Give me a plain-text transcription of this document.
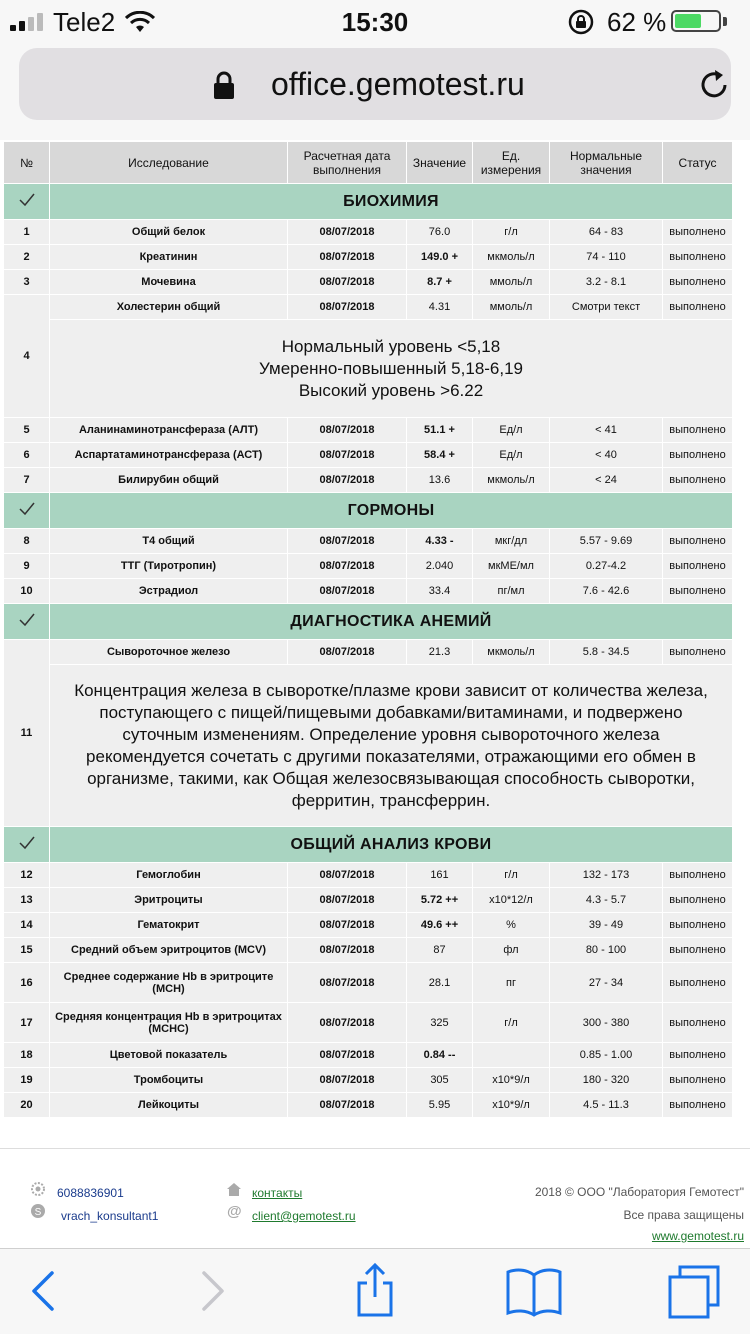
Tele2	15:30	62 %
office.gemotest.ru
№	Исследование	Расчетная дата выполнения	Значение	Ед. измерения	Нормальные значения	Статус
	БИОХИМИЯ					
1	Общий белок	08/07/2018	76.0	г/л	64 - 83	выполнено
2	Креатинин	08/07/2018	149.0 +	мкмоль/л	74 - 110	выполнено
3	Мочевина	08/07/2018	8.7 +	ммоль/л	3.2 - 8.1	выполнено
4	Холестерин общий	08/07/2018	4.31	ммоль/л	Смотри текст	выполнено

	Нормальный уровень <5,18
Умеренно-повышенный 5,18-6,19
Высокий уровень >6.22					

5	Аланинаминотрансфераза (АЛТ)	08/07/2018	51.1 +	Ед/л	< 41	выполнено
6	Аспартатаминотрансфераза (АСТ)	08/07/2018	58.4 +	Ед/л	< 40	выполнено
7	Билирубин общий	08/07/2018	13.6	мкмоль/л	< 24	выполнено
	ГОРМОНЫ					
8	Т4 общий	08/07/2018	4.33 -	мкг/дл	5.57 - 9.69	выполнено
9	ТТГ (Тиротропин)	08/07/2018	2.040	мкМЕ/мл	0.27-4.2	выполнено
10	Эстрадиол	08/07/2018	33.4	пг/мл	7.6 - 42.6	выполнено
	ДИАГНОСТИКА АНЕМИЙ					
11	Сывороточное железо	08/07/2018	21.3	мкмоль/л	5.8 - 34.5	выполнено

	Концентрация железа в сыворотке/плазме крови зависит от количества железа, поступающего с пищей/пищевыми добавками/витаминами, и подвержено суточным изменениям. Определение уровня сывороточного железа рекомендуется сочетать с другими показателями, отражающими его обмен в организме, такими, как Общая железосвязывающая способность сыворотки, ферритин, трансферрин.					

	ОБЩИЙ АНАЛИЗ КРОВИ					
12	Гемоглобин	08/07/2018	161	г/л	132 - 173	выполнено
13	Эритроциты	08/07/2018	5.72 ++	x10*12/л	4.3 - 5.7	выполнено
14	Гематокрит	08/07/2018	49.6 ++	%	39 - 49	выполнено
15	Средний объем эритроцитов (MCV)	08/07/2018	87	фл	80 - 100	выполнено
16	Среднее содержание Hb в эритроците (MCH)	08/07/2018	28.1	пг	27 - 34	выполнено
17	Средняя концентрация Hb в эритроцитах (MCHC)	08/07/2018	325	г/л	300 - 380	выполнено
18	Цветовой показатель	08/07/2018	0.84 --		0.85 - 1.00	выполнено
19	Тромбоциты	08/07/2018	305	x10*9/л	180 - 320	выполнено
20	Лейкоциты	08/07/2018	5.95	x10*9/л	4.5 - 11.3	выполнено
6088836901
S vrach_konsultant1
контакты
@ client@gemotest.ru
2018 © ООО "Лаборатория Гемотест"
Все права защищены
www.gemotest.ru
